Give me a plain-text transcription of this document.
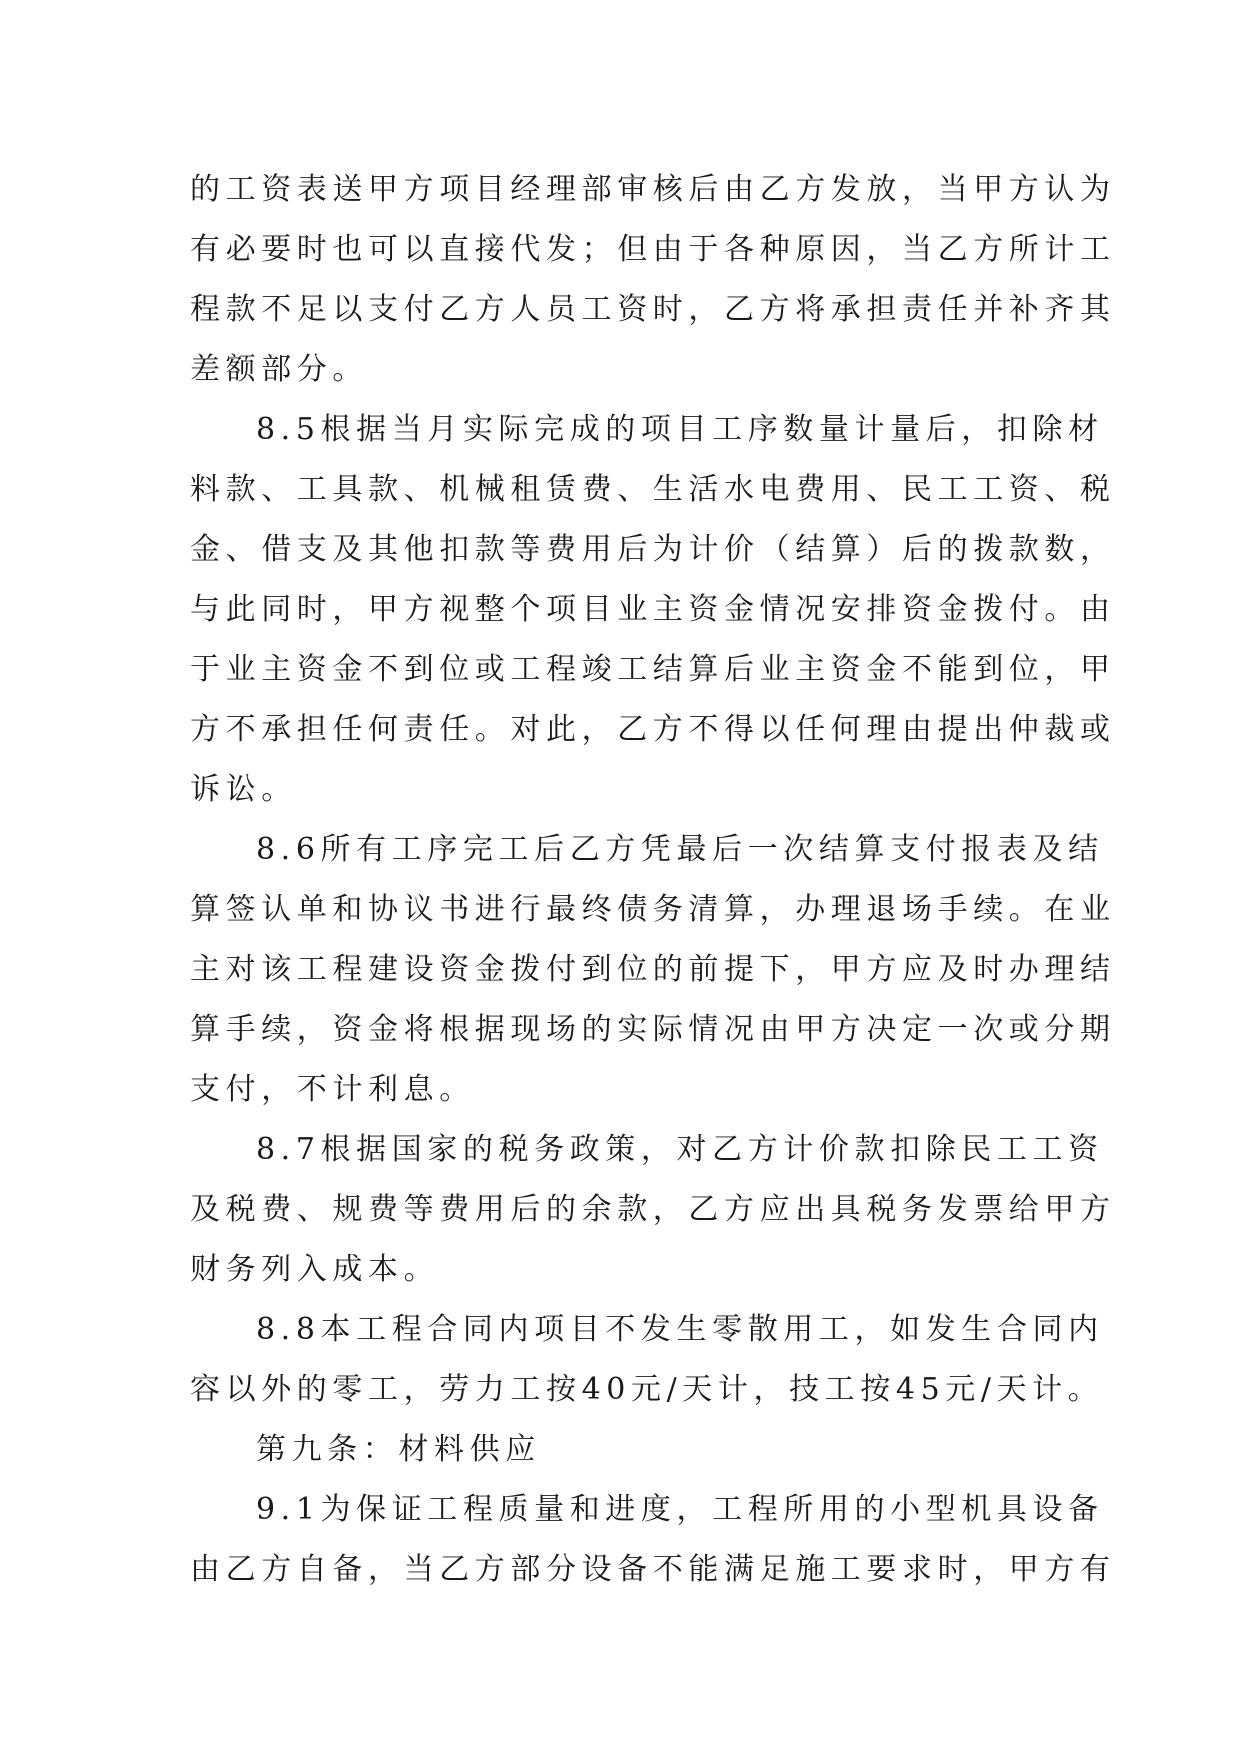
的工资表送甲方项目经理部审核后由乙方发放，当甲方认为
有必要时也可以直接代发；但由于各种原因，当乙方所计工
程款不足以支付乙方人员工资时，乙方将承担责任并补齐其
差额部分。
8.5根据当月实际完成的项目工序数量计量后，扣除材
料款、工具款、机械租赁费、生活水电费用、民工工资、税
金、借支及其他扣款等费用后为计价（结算）后的拨款数，
与此同时，甲方视整个项目业主资金情况安排资金拨付。由
于业主资金不到位或工程竣工结算后业主资金不能到位，甲
方不承担任何责任。对此，乙方不得以任何理由提出仲裁或
诉讼。
8.6所有工序完工后乙方凭最后一次结算支付报表及结
算签认单和协议书进行最终债务清算，办理退场手续。在业
主对该工程建设资金拨付到位的前提下，甲方应及时办理结
算手续，资金将根据现场的实际情况由甲方决定一次或分期
支付，不计利息。
8.7根据国家的税务政策，对乙方计价款扣除民工工资
及税费、规费等费用后的余款，乙方应出具税务发票给甲方
财务列入成本。
8.8本工程合同内项目不发生零散用工，如发生合同内
容以外的零工，劳力工按40元/天计，技工按45元/天计。
第九条：材料供应
9.1为保证工程质量和进度，工程所用的小型机具设备
由乙方自备，当乙方部分设备不能满足施工要求时，甲方有
